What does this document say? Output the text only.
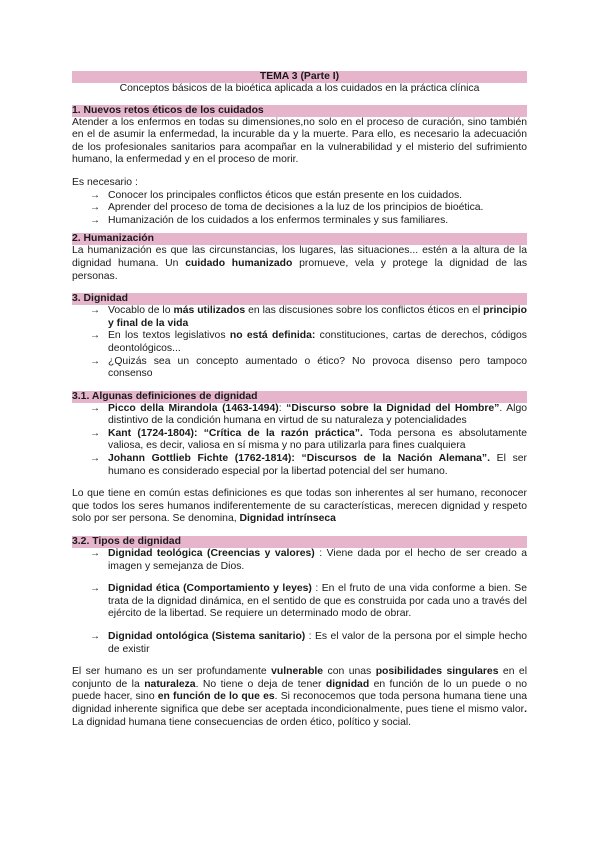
TEMA 3 (Parte I)
Conceptos básicos de la bioética aplicada a los cuidados en la práctica clínica
1. Nuevos retos éticos de los cuidados

Atender a los enfermos en todas su dimensiones,no solo en el proceso de curación, sino también en el de asumir la enfermedad, la incurable da y la muerte. Para ello, es necesario la adecuación de los profesionales sanitarios para acompañar en la vulnerabilidad y el misterio del sufrimiento humano, la enfermedad y en el proceso de morir.

Es necesario :

→ Conocer los principales conflictos éticos que están presente en los cuidados.
→ Aprender del proceso de toma de decisiones a la luz de los principios de bioética.
→ Humanización de los cuidados a los enfermos terminales y sus familiares.
2. Humanización

La humanización es que las circunstancias, los lugares, las situaciones... estén a la altura de la dignidad humana. Un cuidado humanizado promueve, vela y protege la dignidad de las personas.

3. Dignidad
→ Vocablo de lo más utilizados en las discusiones sobre los conflictos éticos en el principio y final de la vida
→ En los textos legislativos no está definida: constituciones, cartas de derechos, códigos deontológicos...
→ ¿Quizás sea un concepto aumentado o ético? No provoca disenso pero tampoco consenso
3.1. Algunas definiciones de dignidad
→ Picco della Mirandola (1463-1494): “Discurso sobre la Dignidad del Hombre”. Algo distintivo de la condición humana en virtud de su naturaleza y potencialidades
→ Kant (1724-1804): “Crítica de la razón práctica”. Toda persona es absolutamente valiosa, es decir, valiosa en sí misma y no para utilizarla para fines cualquiera
→ Johann Gottlieb Fichte (1762-1814): “Discursos de la Nación Alemana”. El ser humano es considerado especial por la libertad potencial del ser humano.

Lo que tiene en común estas definiciones es que todas son inherentes al ser humano, reconocer que todos los seres humanos indiferentemente de su características, merecen dignidad y respeto solo por ser persona. Se denomina, Dignidad intrínseca

3.2. Tipos de dignidad
→ Dignidad teológica (Creencias y valores) : Viene dada por el hecho de ser creado a imagen y semejanza de Dios.
→ Dignidad ética (Comportamiento y leyes) : En el fruto de una vida conforme a bien. Se trata de la dignidad dinámica, en el sentido de que es construida por cada uno a través del ejército de la libertad. Se requiere un determinado modo de obrar.
→ Dignidad ontológica (Sistema sanitario) : Es el valor de la persona por el simple hecho de existir

El ser humano es un ser profundamente vulnerable con unas posibilidades singulares en el conjunto de la naturaleza. No tiene o deja de tener dignidad en función de lo un puede o no puede hacer, sino en función de lo que es. Si reconocemos que toda persona humana tiene una dignidad inherente significa que debe ser aceptada incondicionalmente, pues tiene el mismo valor. La dignidad humana tiene consecuencias de orden ético, político y social.
